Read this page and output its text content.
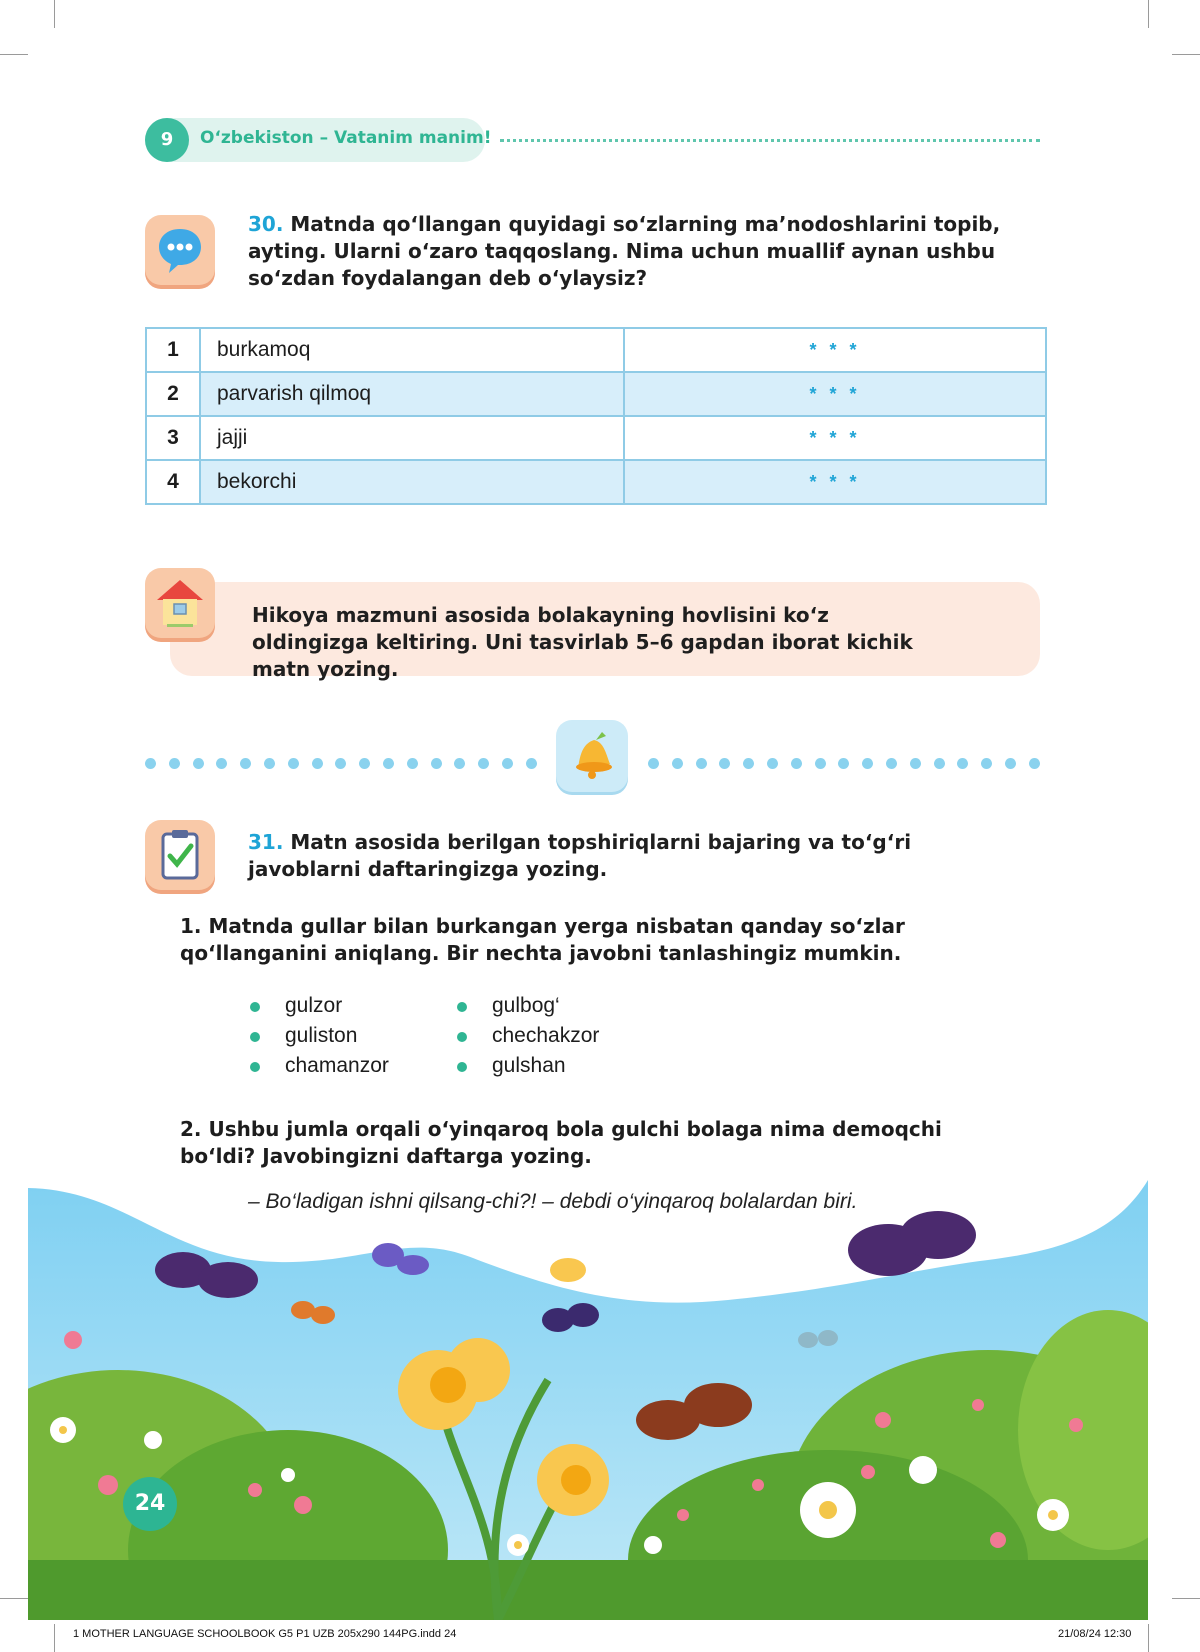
9	O‘zbekiston – Vatanim manim!
30. Matnda qo‘llangan quyidagi so‘zlarning ma’nodoshlarini topib, ayting. Ularni o‘zaro taqqoslang. Nima uchun muallif aynan ushbu so‘zdan foydalangan deb o‘ylaysiz?
1	burkamoq	* * *
2	parvarish qilmoq	* * *
3	jajji	* * *
4	bekorchi	* * *
Hikoya mazmuni asosida bolakayning hovlisini ko‘z oldingizga keltiring. Uni tasvirlab 5–6 gapdan iborat kichik matn yozing.
31. Matn asosida berilgan topshiriqlarni bajaring va to‘g‘ri javoblarni daftaringizga yozing.
1. Matnda gullar bilan burkangan yerga nisbatan qanday so‘zlar qo‘llanganini aniqlang. Bir nechta javobni tanlashingiz mumkin.
gulzor
guliston
chamanzor
gulbog‘
chechakzor
gulshan
2. Ushbu jumla orqali o‘yinqaroq bola gulchi bolaga nima demoqchi bo‘ldi? Javobingizni daftarga yozing.
– Bo‘ladigan ishni qilsang-chi?! – debdi o‘yinqaroq bolalardan biri.
24
1 MOTHER LANGUAGE SCHOOLBOOK G5 P1 UZB 205x290 144PG.indd 24	21/08/24 12:30
